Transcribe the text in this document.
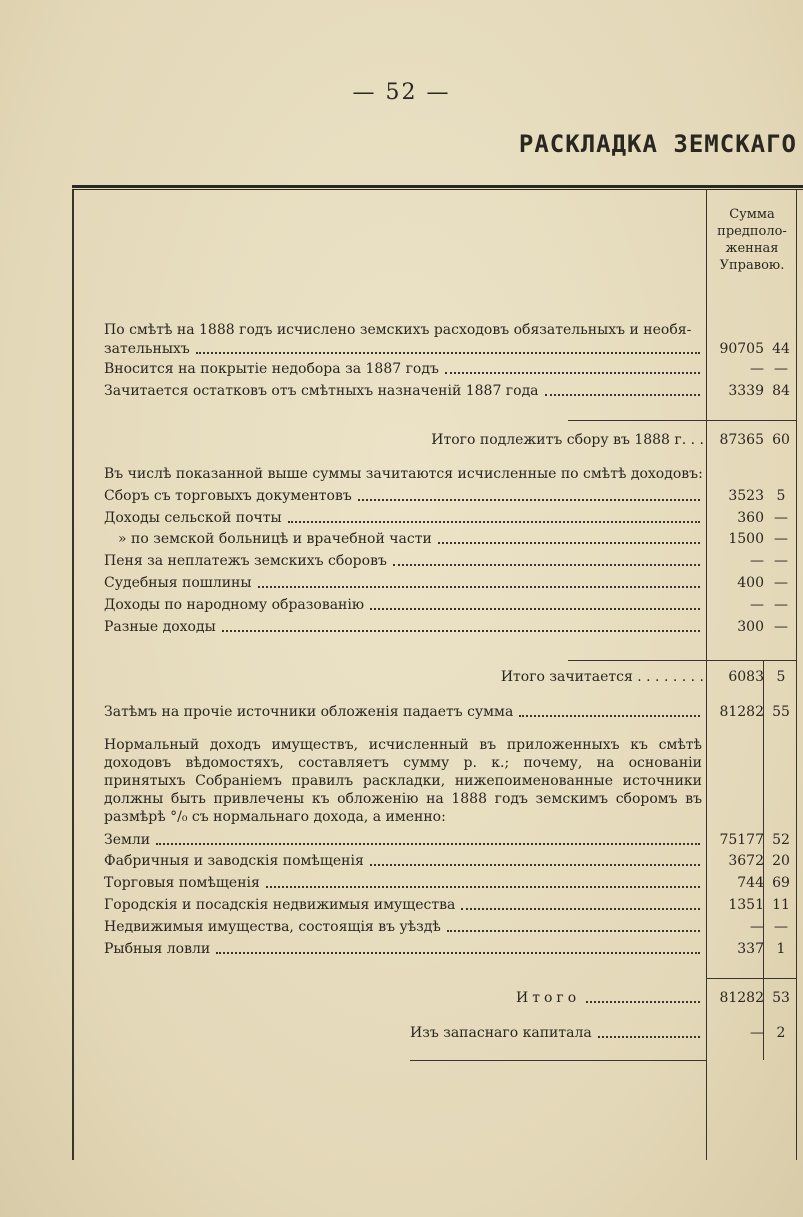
— 52 —
РАСКЛАДКА ЗЕМСКАГО
Сумма
предполо-
женная
Управою.
По смѣтѣ на 1888 годъ исчислено земскихъ расходовъ обязательныхъ и необя-
зательныхъ	90705 44
Вносится на покрытіе недобора за 1887 годъ	— —
Зачитается остатковъ отъ смѣтныхъ назначеній 1887 года	3339 84
Итого подлежитъ сбору въ 1888 г. . .	87365 60
Въ числѣ показанной выше суммы зачитаются исчисленные по смѣтѣ доходовъ:
Сборъ съ торговыхъ документовъ	3523 5
Доходы сельской почты	360 —
» по земской больницѣ и врачебной части	1500 —
Пеня за неплатежъ земскихъ сборовъ	— —
Судебныя пошлины	400 —
Доходы по народному образованію	— —
Разные доходы	300 —
Итого зачитается . . . . . . . .	6083 5
Затѣмъ на прочіе источники обложенія падаетъ сумма	81282 55
Нормальный доходъ имуществъ, исчисленный въ приложенныхъ къ смѣтѣ доходовъ вѣдомостяхъ, составляетъ сумму р. к.; почему, на основаніи принятыхъ Собраніемъ правилъ раскладки, нижепоименованные источники должны быть привлечены къ обложенію на 1888 годъ земскимъ сборомъ въ размѣрѣ °/₀ съ нормальнаго дохода, а именно:
Земли	75177 52
Фабричныя и заводскія помѣщенія	3672 20
Торговыя помѣщенія	744 69
Городскія и посадскія недвижимыя имущества	1351 11
Недвижимыя имущества, состоящія въ уѣздѣ	— —
Рыбныя ловли	337 1
Итого	81282 53
Изъ запаснаго капитала	— 2
